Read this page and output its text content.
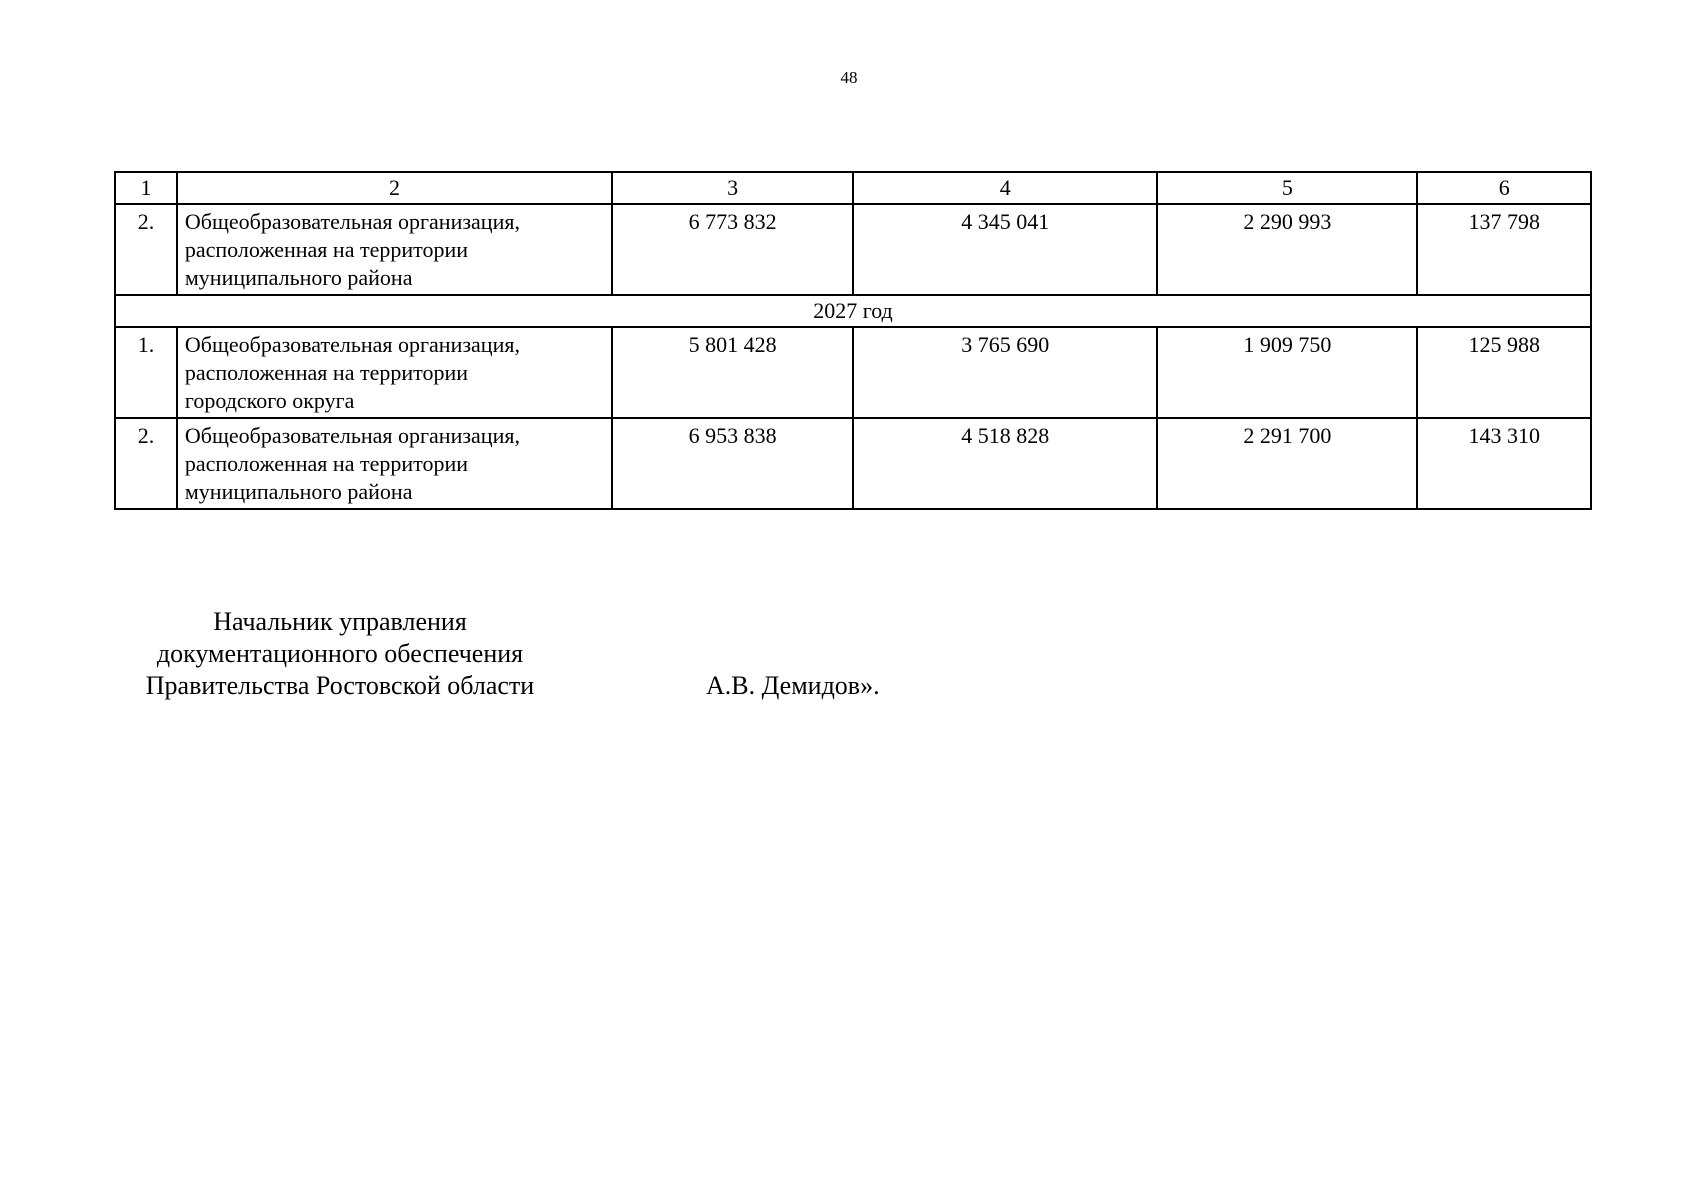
48
1	2	3	4	5	6
2.	Общеобразовательная организация,
расположенная на территории
муниципального района	6 773 832	4 345 041	2 290 993	137 798
2027 год					
1.	Общеобразовательная организация,
расположенная на территории
городского округа	5 801 428	3 765 690	1 909 750	125 988
2.	Общеобразовательная организация,
расположенная на территории
муниципального района	6 953 838	4 518 828	2 291 700	143 310
Начальник управления
документационного обеспечения
Правительства Ростовской области	А.В. Демидов».
